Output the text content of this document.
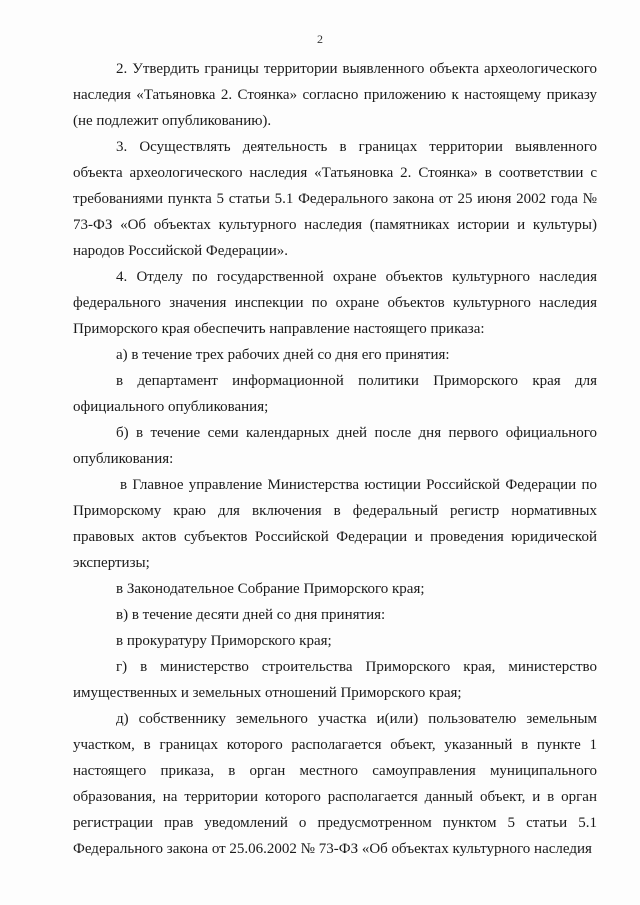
2

2. Утвердить границы территории выявленного объекта археологического наследия «Татьяновка 2. Стоянка» согласно приложению к настоящему приказу (не подлежит опубликованию).

3. Осуществлять деятельность в границах территории выявленного объекта археологического наследия «Татьяновка 2. Стоянка» в соответствии с требованиями пункта 5 статьи 5.1 Федерального закона от 25 июня 2002 года № 73-ФЗ «Об объектах культурного наследия (памятниках истории и культуры) народов Российской Федерации».

4. Отделу по государственной охране объектов культурного наследия федерального значения инспекции по охране объектов культурного наследия Приморского края обеспечить направление настоящего приказа:

а) в течение трех рабочих дней со дня его принятия:

в департамент информационной политики Приморского края для официального опубликования;

б) в течение семи календарных дней после дня первого официального опубликования:

в Главное управление Министерства юстиции Российской Федерации по Приморскому краю для включения в федеральный регистр нормативных правовых актов субъектов Российской Федерации и проведения юридической экспертизы;

в Законодательное Собрание Приморского края;

в) в течение десяти дней со дня принятия:

в прокуратуру Приморского края;

г) в министерство строительства Приморского края, министерство имущественных и земельных отношений Приморского края;

д) собственнику земельного участка и(или) пользователю земельным участком, в границах которого располагается объект, указанный в пункте 1 настоящего приказа, в орган местного самоуправления муниципального образования, на территории которого располагается данный объект, и в орган регистрации прав уведомлений о предусмотренном пунктом 5 статьи 5.1 Федерального закона от 25.06.2002 № 73-ФЗ «Об объектах культурного наследия
